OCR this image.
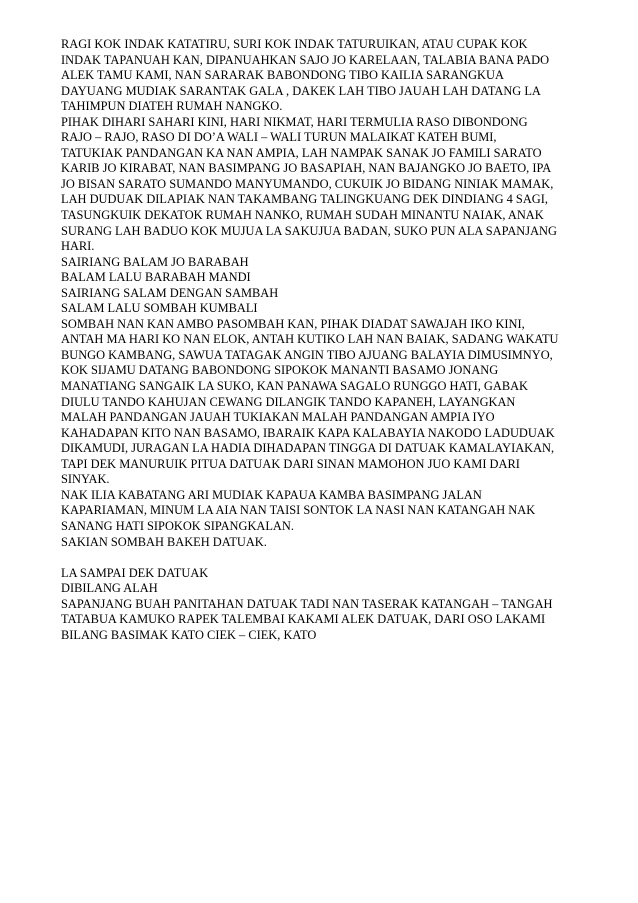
RAGI KOK INDAK KATATIRU, SURI KOK INDAK TATURUIKAN, ATAU CUPAK KOK
INDAK TAPANUAH KAN, DIPANUAHKAN SAJO JO KARELAAN, TALABIA BANA PADO
ALEK TAMU KAMI, NAN SARARAK BABONDONG TIBO KAILIA SARANGKUA
DAYUANG MUDIAK SARANTAK GALA , DAKEK LAH TIBO JAUAH LAH DATANG LA
TAHIMPUN DIATEH RUMAH NANGKO.
PIHAK DIHARI SAHARI KINI, HARI NIKMAT, HARI TERMULIA RASO DIBONDONG
RAJO – RAJO, RASO DI DO’A WALI – WALI TURUN MALAIKAT KATEH BUMI,
TATUKIAK PANDANGAN KA NAN AMPIA, LAH NAMPAK SANAK JO FAMILI SARATO
KARIB JO KIRABAT, NAN BASIMPANG JO BASAPIAH, NAN BAJANGKO JO BAETO, IPA
JO BISAN SARATO SUMANDO MANYUMANDO, CUKUIK JO BIDANG NINIAK MAMAK,
LAH DUDUAK DILAPIAK NAN TAKAMBANG TALINGKUANG DEK DINDIANG 4 SAGI,
TASUNGKUIK DEKATOK RUMAH NANKO, RUMAH SUDAH MINANTU NAIAK, ANAK
SURANG LAH BADUO KOK MUJUA LA SAKUJUA BADAN, SUKO PUN ALA SAPANJANG
HARI.
SAIRIANG BALAM JO BARABAH
BALAM LALU BARABAH MANDI
SAIRIANG SALAM DENGAN SAMBAH
SALAM LALU SOMBAH KUMBALI
SOMBAH NAN KAN AMBO PASOMBAH KAN, PIHAK DIADAT SAWAJAH IKO KINI,
ANTAH MA HARI KO NAN ELOK, ANTAH KUTIKO LAH NAN BAIAK, SADANG WAKATU
BUNGO KAMBANG, SAWUA TATAGAK ANGIN TIBO AJUANG BALAYIA DIMUSIMNYO,
KOK SIJAMU DATANG BABONDONG SIPOKOK MANANTI BASAMO JONANG
MANATIANG SANGAIK LA SUKO, KAN PANAWA SAGALO RUNGGO HATI, GABAK
DIULU TANDO KAHUJAN CEWANG DILANGIK TANDO KAPANEH, LAYANGKAN
MALAH PANDANGAN JAUAH TUKIAKAN MALAH PANDANGAN AMPIA IYO
KAHADAPAN KITO NAN BASAMO, IBARAIK KAPA KALABAYIA NAKODO LADUDUAK
DIKAMUDI, JURAGAN LA HADIA DIHADAPAN TINGGA DI DATUAK KAMALAYIAKAN,
TAPI DEK MANURUIK PITUA DATUAK DARI SINAN MAMOHON JUO KAMI DARI
SINYAK.
NAK ILIA KABATANG ARI MUDIAK KAPAUA KAMBA BASIMPANG JALAN
KAPARIAMAN, MINUM LA AIA NAN TAISI SONTOK LA NASI NAN KATANGAH NAK
SANANG HATI SIPOKOK SIPANGKALAN.
SAKIAN SOMBAH BAKEH DATUAK.
LA SAMPAI DEK DATUAK
DIBILANG ALAH
SAPANJANG BUAH PANITAHAN DATUAK TADI NAN TASERAK KATANGAH – TANGAH
TATABUA KAMUKO RAPEK TALEMBAI KAKAMI ALEK DATUAK, DARI OSO LAKAMI
BILANG BASIMAK KATO CIEK – CIEK, KATO
